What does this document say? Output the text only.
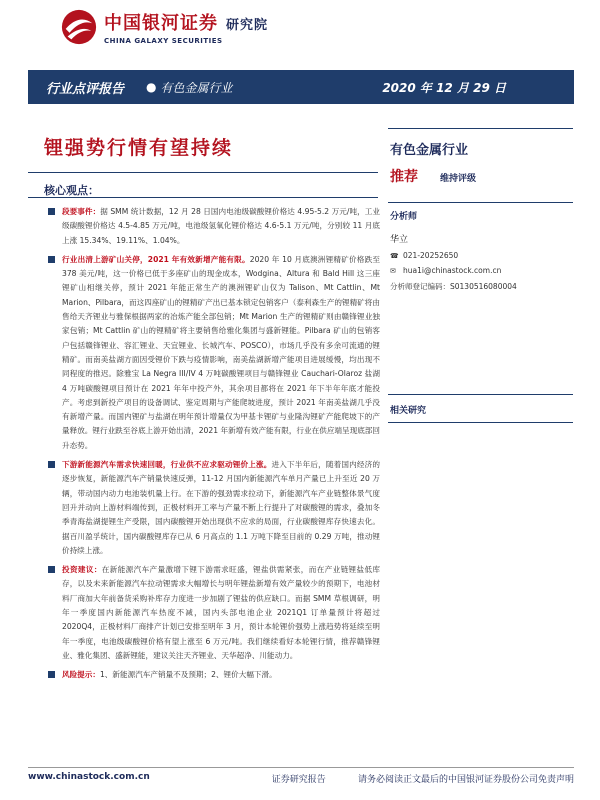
中国银河证券 研究院
CHINA GALAXY SECURITIES
行业点评报告 ● 有色金属行业	2020 年 12 月 29 日
锂强势行情有望持续
核心观点：
段要事件：据 SMM 统计数据，12 月 28 日国内电池级碳酸锂价格达 4.95-5.2 万元/吨，工业级碳酸锂价格达 4.5-4.85 万元/吨，电池级氢氧化锂价格达 4.6-5.1 万元/吨，分别较 11 月底上涨 15.34%、19.11%、1.04%。
行业出清上游矿山关停，2021 年有效新增产能有限。2020 年 10 月底澳洲锂精矿价格跌至 378 美元/吨，这一价格已低于多座矿山的现金成本，Wodgina、Altura 和 Bald Hill 这三座锂矿山相继关停，预计 2021 年能正常生产的澳洲锂矿山仅为 Talison、Mt Cattlin、Mt Marion、Pilbara，而这四座矿山的锂精矿产出已基本锁定包销客户（泰利森生产的锂精矿将由售给天齐锂业与雅保根据两家的冶炼产能全部包销；Mt Marion 生产的锂精矿则由赣锋锂业独家包销；Mt Cattlin 矿山的锂精矿将主要销售给雅化集团与盛新锂能。Pilbara 矿山的包销客户包括赣锋锂业、容汇锂业、天宜锂业、长城汽车、POSCO），市场几乎没有多余可流通的锂精矿。而南美盐湖方面因受锂价下跌与疫情影响，南美盐湖新增产能项目进展缓慢，均出现不同程度的推迟。除雅宝 La Negra III/IV 4 万吨碳酸锂项目与赣锋锂业 Cauchari-Olaroz 盐湖 4 万吨碳酸锂项目预计在 2021 年年中投产外，其余项目都将在 2021 年下半年年底才能投产。考虑到新投产项目的设备调试、鉴定周期与产能爬坡进度，预计 2021 年南美盐湖几乎没有新增产量。而国内锂矿与盐湖在明年预计增量仅为甲基卡锂矿与业隆沟锂矿产能爬坡下的产量释放。锂行业跌至谷底上游开始出清，2021 年新增有效产能有限，行业在供应端呈现底部回升态势。
下游新能源汽车需求快速回暖，行业供不应求驱动锂价上涨。进入下半年后，随着国内经济的逐步恢复，新能源汽车产销量快速反弹，11-12 月国内新能源汽车单月产量已上升至近 20 万辆，带动国内动力电池装机量上行。在下游的强劲需求拉动下，新能源汽车产业链整体景气度回升并动向上游材料端传到，正极材料开工率与产量不断上行提升了对碳酸锂的需求，叠加冬季青海盐湖提锂生产受限，国内碳酸锂开始出现供不应求的局面，行业碳酸锂库存快速去化。据百川盈孚统计，国内碳酸锂库存已从 6 月高点的 1.1 万吨下降至目前的 0.29 万吨，推动锂价持续上涨。
投资建议：在新能源汽车产量激增下锂下游需求旺盛，锂盐供需紧张，而在产业链锂盐低库存，以及未来新能源汽车拉动锂需求大幅增长与明年锂盐新增有效产量较少的预期下，电池材料厂商加大年前备货采购补库存力度进一步加剧了锂盐的供应缺口。而据 SMM 草根调研，明年一季度国内新能源汽车热度不减，国内头部电池企业 2021Q1 订单量预计将超过 2020Q4，正极材料厂商排产计划已安排至明年 3 月，预计本轮锂价强势上涨趋势将延续至明年一季度，电池级碳酸锂价格有望上涨至 6 万元/吨。我们继续看好本轮锂行情，推荐赣锋锂业、雅化集团、盛新锂能，建议关注天齐锂业、天华超净、川能动力。
风险提示：1、新能源汽车产销量不及预期；2、锂价大幅下滑。
有色金属行业
推荐 维持评级
分析师
华立
☎ 021-20252650
✉ hua1i@chinastock.com.cn
分析师登记编码： S0130516080004
相关研究
www.chinastock.com.cn	证券研究报告	请务必阅读正文最后的中国银河证券股份公司免责声明
